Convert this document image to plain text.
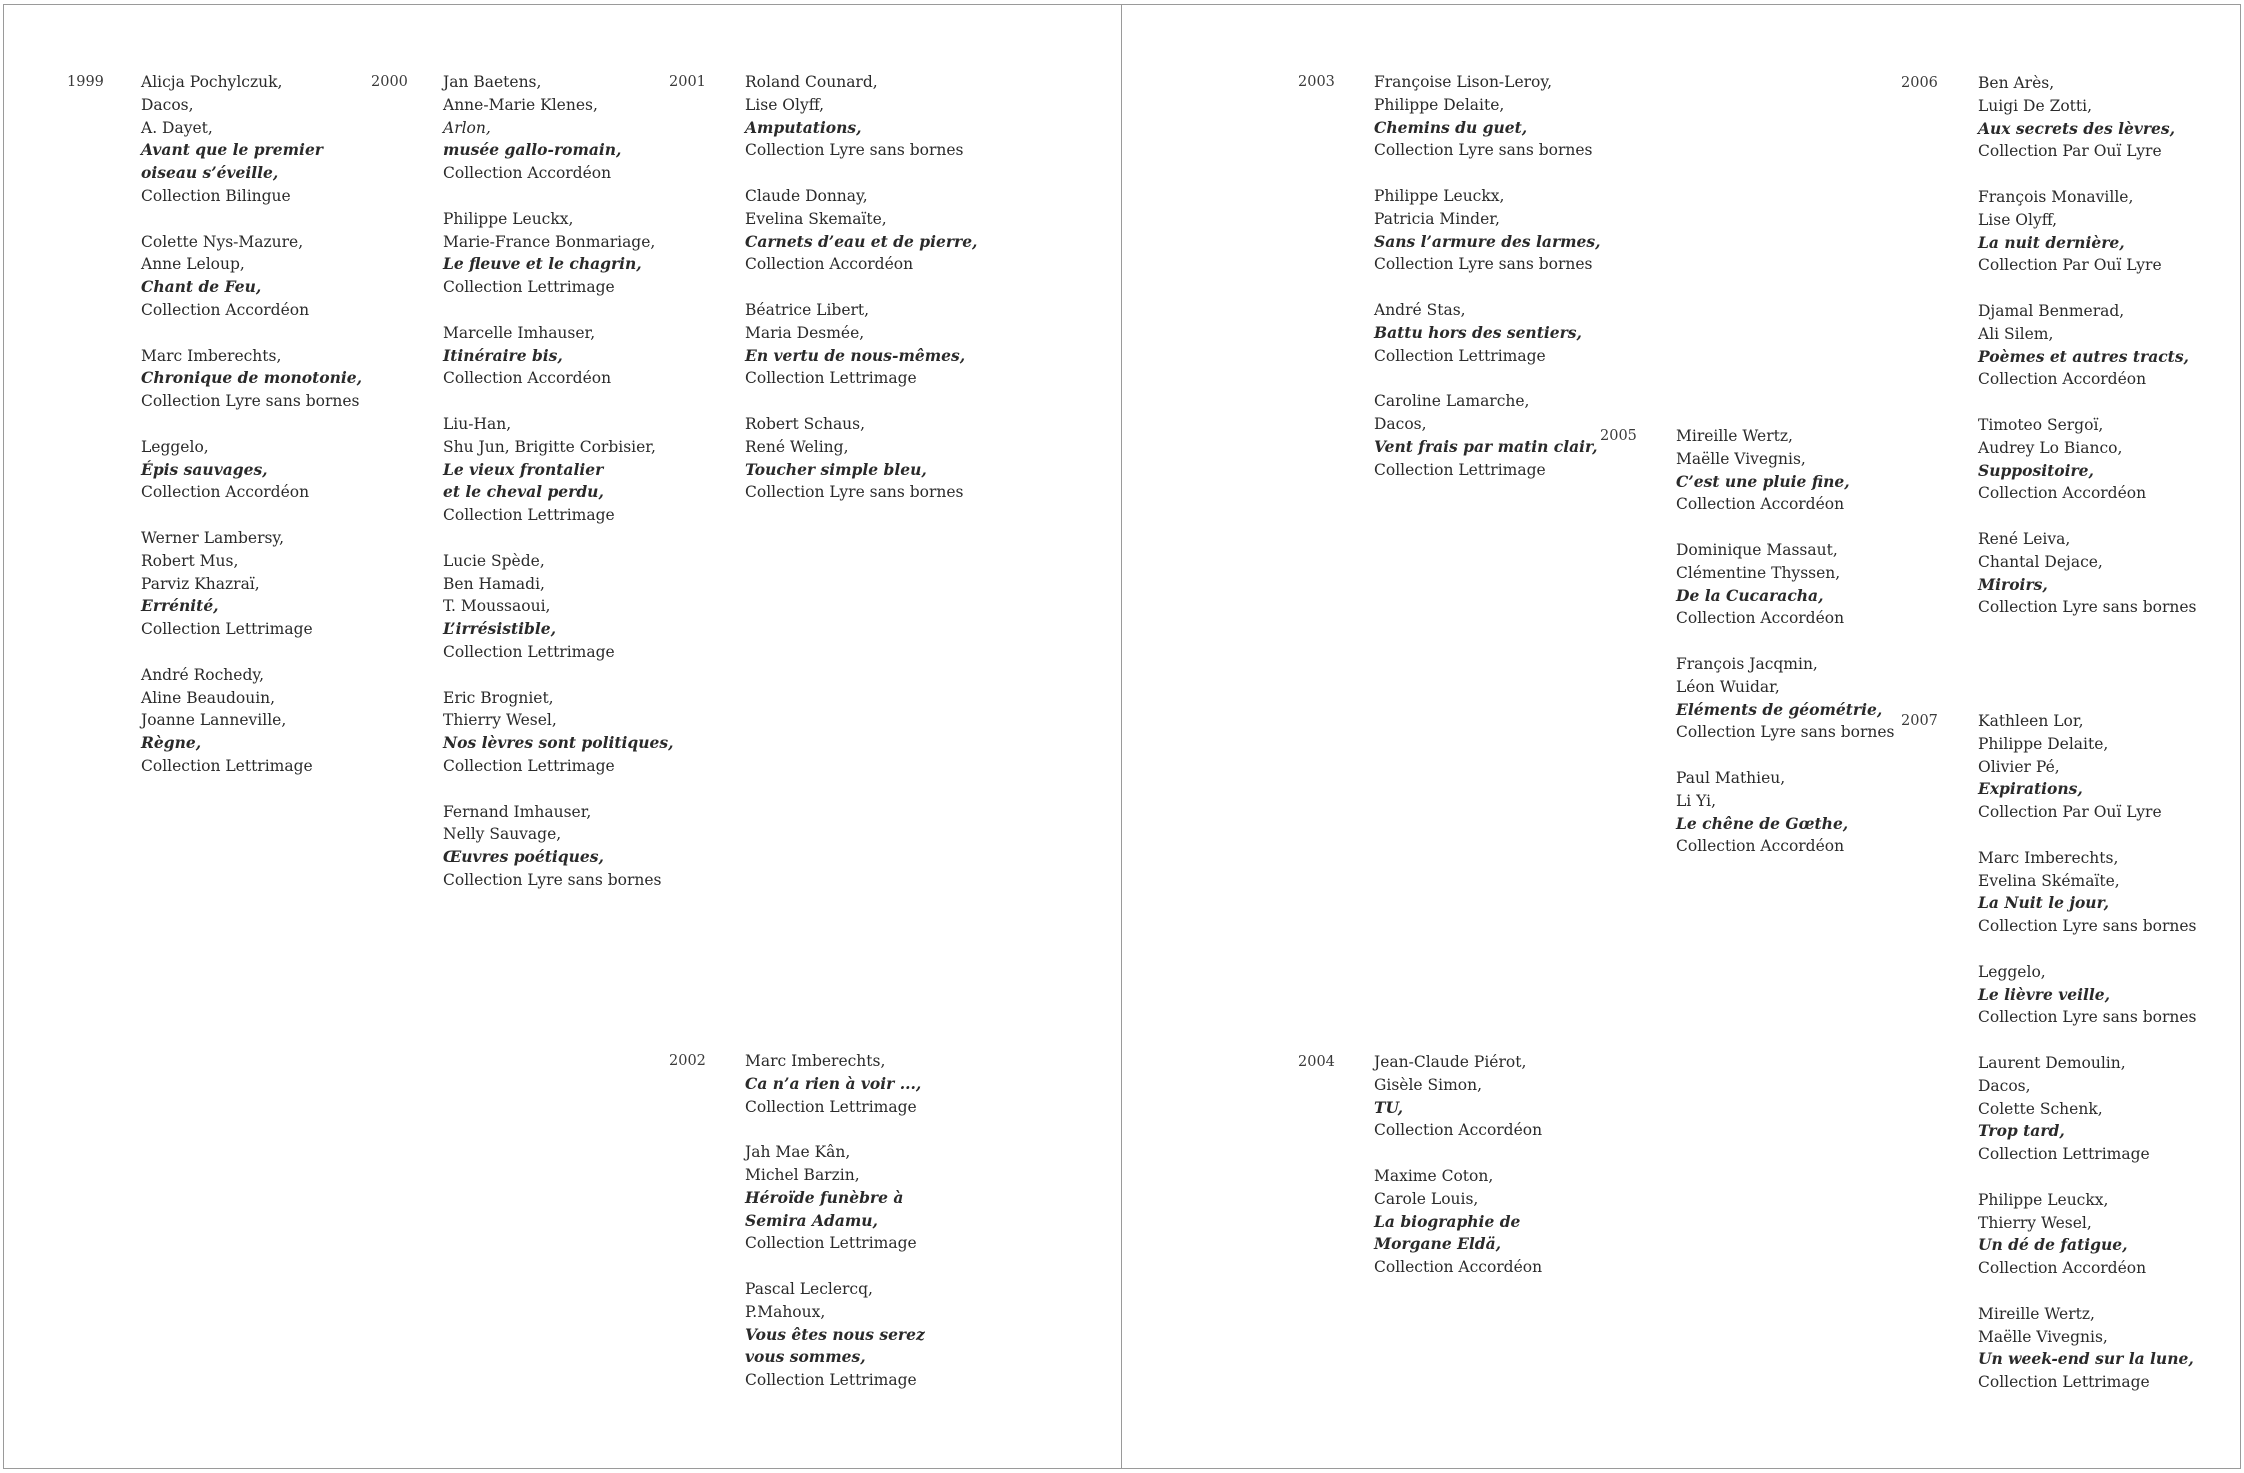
1999 Alicja Pochylczuk,
Dacos,
A. Dayet,
Avant que le premier
oiseau s’éveille,
Collection Bilingue
Colette Nys-Mazure,
Anne Leloup,
Chant de Feu,
Collection Accordéon
Marc Imberechts,
Chronique de monotonie,
Collection Lyre sans bornes
Leggelo,
Épis sauvages,
Collection Accordéon
Werner Lambersy,
Robert Mus,
Parviz Khazraï,
Errénité,
Collection Lettrimage
André Rochedy,
Aline Beaudouin,
Joanne Lanneville,
Règne,
Collection Lettrimage
2000 Jan Baetens,
Anne-Marie Klenes,
Arlon,
musée gallo-romain,
Collection Accordéon
Philippe Leuckx,
Marie-France Bonmariage,
Le fleuve et le chagrin,
Collection Lettrimage
Marcelle Imhauser,
Itinéraire bis,
Collection Accordéon
Liu-Han,
Shu Jun, Brigitte Corbisier,
Le vieux frontalier
et le cheval perdu,
Collection Lettrimage
Lucie Spède,
Ben Hamadi,
T. Moussaoui,
L’irrésistible,
Collection Lettrimage
Eric Brogniet,
Thierry Wesel,
Nos lèvres sont politiques,
Collection Lettrimage
Fernand Imhauser,
Nelly Sauvage,
Œuvres poétiques,
Collection Lyre sans bornes
2001	Roland Counard,
Lise Olyff,
Amputations,
Collection Lyre sans bornes
Claude Donnay,
Evelina Skemaïte,
Carnets d’eau et de pierre,
Collection Accordéon
Béatrice Libert,
Maria Desmée,
En vertu de nous-mêmes,
Collection Lettrimage
Robert Schaus,
René Weling,
Toucher simple bleu,
Collection Lyre sans bornes
2002	Marc Imberechts,
Ca n’a rien à voir ...,
Collection Lettrimage
Jah Mae Kân,
Michel Barzin,
Héroïde funèbre à
Semira Adamu,
Collection Lettrimage
Pascal Leclercq,
P.Mahoux,
Vous êtes nous serez
vous sommes,
Collection Lettrimage
2003	Françoise Lison-Leroy,
Philippe Delaite,
Chemins du guet,
Collection Lyre sans bornes
Philippe Leuckx,
Patricia Minder,
Sans l’armure des larmes,
Collection Lyre sans bornes
André Stas,
Battu hors des sentiers,
Collection Lettrimage
Caroline Lamarche,
Dacos,
Vent frais par matin clair,
Collection Lettrimage
2004	Jean-Claude Piérot,
Gisèle Simon,
TU,
Collection Accordéon
Maxime Coton,
Carole Louis,
La biographie de
Morgane Eldä,
Collection Accordéon
2005	Mireille Wertz,
Maëlle Vivegnis,
C’est une pluie fine,
Collection Accordéon
Dominique Massaut,
Clémentine Thyssen,
De la Cucaracha,
Collection Accordéon
François Jacqmin,
Léon Wuidar,
Eléments de géométrie,
Collection Lyre sans bornes
Paul Mathieu,
Li Yi,
Le chêne de Gœthe,
Collection Accordéon
2006	Ben Arès,
Luigi De Zotti,
Aux secrets des lèvres,
Collection Par Ouï Lyre
François Monaville,
Lise Olyff,
La nuit dernière,
Collection Par Ouï Lyre
Djamal Benmerad,
Ali Silem,
Poèmes et autres tracts,
Collection Accordéon
Timoteo Sergoï,
Audrey Lo Bianco,
Suppositoire,
Collection Accordéon
René Leiva,
Chantal Dejace,
Miroirs,
Collection Lyre sans bornes
2007	Kathleen Lor,
Philippe Delaite,
Olivier Pé,
Expirations,
Collection Par Ouï Lyre
Marc Imberechts,
Evelina Skémaïte,
La Nuit le jour,
Collection Lyre sans bornes
Leggelo,
Le lièvre veille,
Collection Lyre sans bornes
Laurent Demoulin,
Dacos,
Colette Schenk,
Trop tard,
Collection Lettrimage
Philippe Leuckx,
Thierry Wesel,
Un dé de fatigue,
Collection Accordéon
Mireille Wertz,
Maëlle Vivegnis,
Un week-end sur la lune,
Collection Lettrimage
